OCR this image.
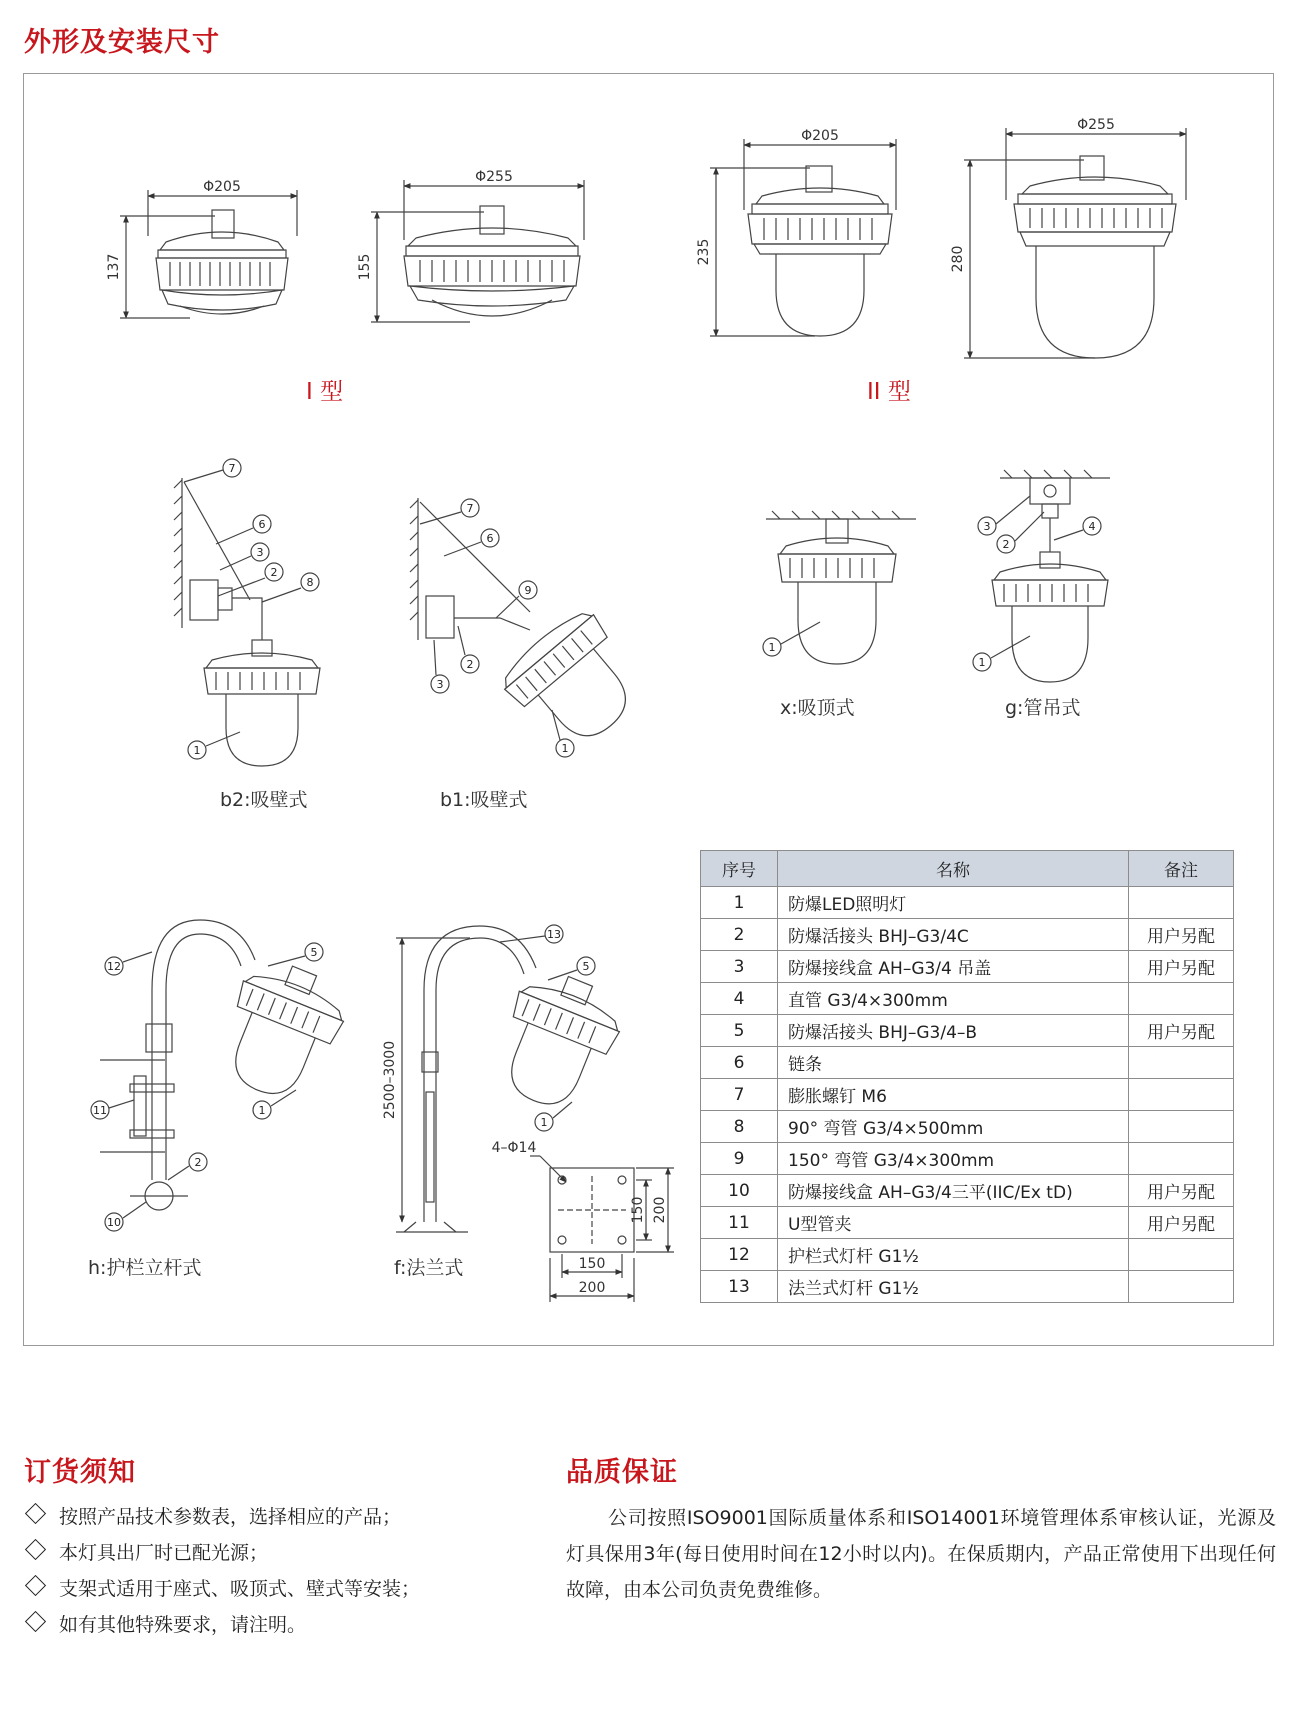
外形及安装尺寸
7
6
3
2
8
1
7
6
9
2
3
1
1
3
2
4
1
5
12
11
2
10
1
13
5
1
Φ205
137
Φ255
155
Φ205
235
Φ255
280
2500–3000
4–Φ14
150
200
150 200
I 型	II 型
b2:吸壁式	b1:吸壁式
x:吸顶式	g:管吊式
h:护栏立杆式	f:法兰式
序号	名称	备注
1	防爆LED照明灯	
2	防爆活接头 BHJ–G3/4C	用户另配
3	防爆接线盒 AH–G3/4 吊盖	用户另配
4	直管 G3/4×300mm	
5	防爆活接头 BHJ–G3/4–B	用户另配
6	链条	
7	膨胀螺钉 M6	
8	90° 弯管 G3/4×500mm	
9	150° 弯管 G3/4×300mm	
10	防爆接线盒 AH–G3/4三平(IIC/Ex tD)	用户另配
11	U型管夹	用户另配
12	护栏式灯杆 G1½	
13	法兰式灯杆 G1½	
订货须知	品质保证
按照产品技术参数表，选择相应的产品；
本灯具出厂时已配光源；
支架式适用于座式、吸顶式、壁式等安装；
如有其他特殊要求，请注明。
公司按照ISO9001国际质量体系和ISO14001环境管理体系审核认证，光源及灯具保用3年(每日使用时间在12小时以内)。在保质期内，产品正常使用下出现任何故障，由本公司负责免费维修。
